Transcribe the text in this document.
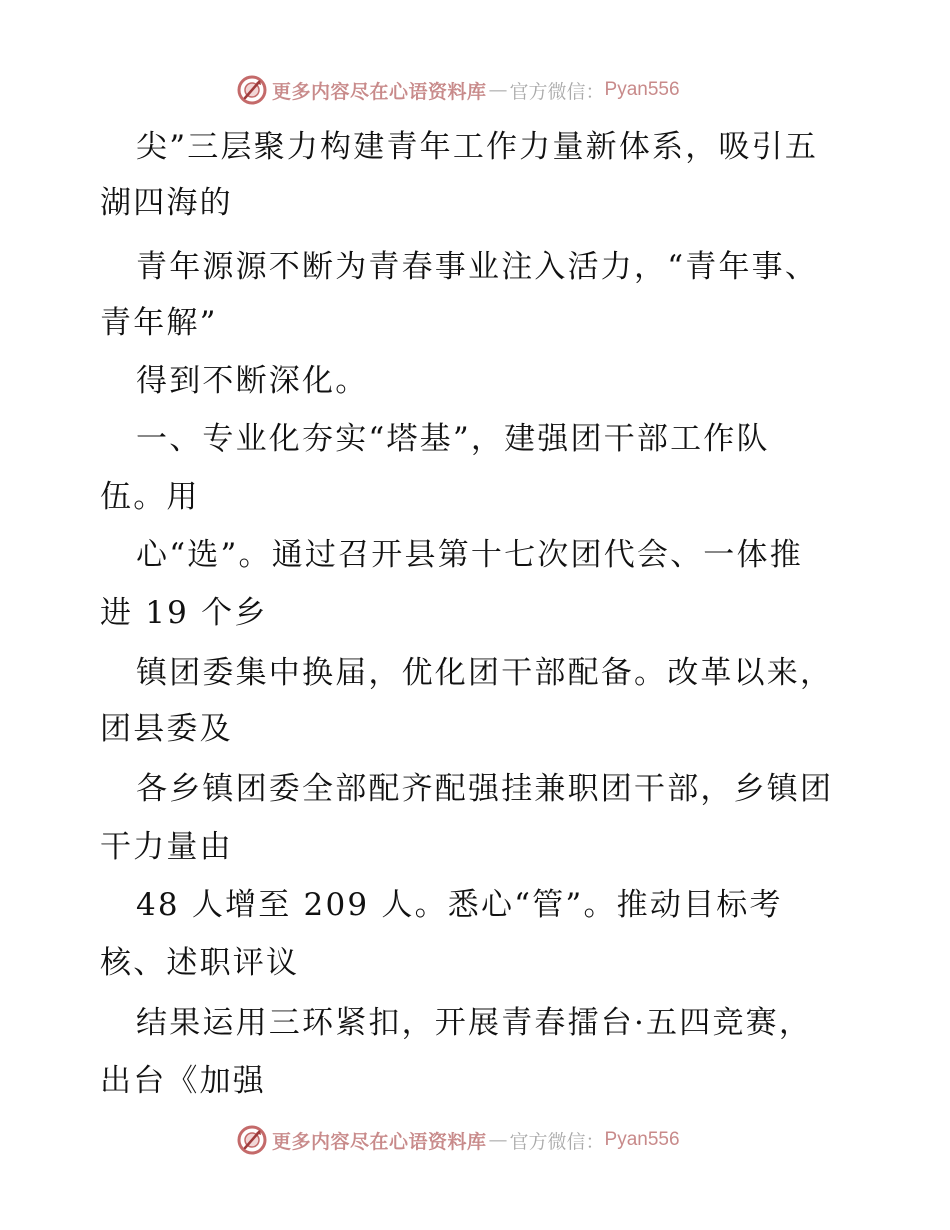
更多内容尽在心语资料库 — 官方微信： Pyan556
尖”三层聚力构建青年工作力量新体系，吸引五
湖四海的
青年源源不断为青春事业注入活力，“青年事、
青年解”
得到不断深化。
一、专业化夯实“塔基”，建强团干部工作队
伍。用
心“选”。通过召开县第十七次团代会、一体推
进 19 个乡
镇团委集中换届，优化团干部配备。改革以来，
团县委及
各乡镇团委全部配齐配强挂兼职团干部，乡镇团
干力量由
48 人增至 209 人。悉心“管”。推动目标考
核、述职评议
结果运用三环紧扣，开展青春擂台·五四竞赛，
出台《加强
更多内容尽在心语资料库 — 官方微信： Pyan556
